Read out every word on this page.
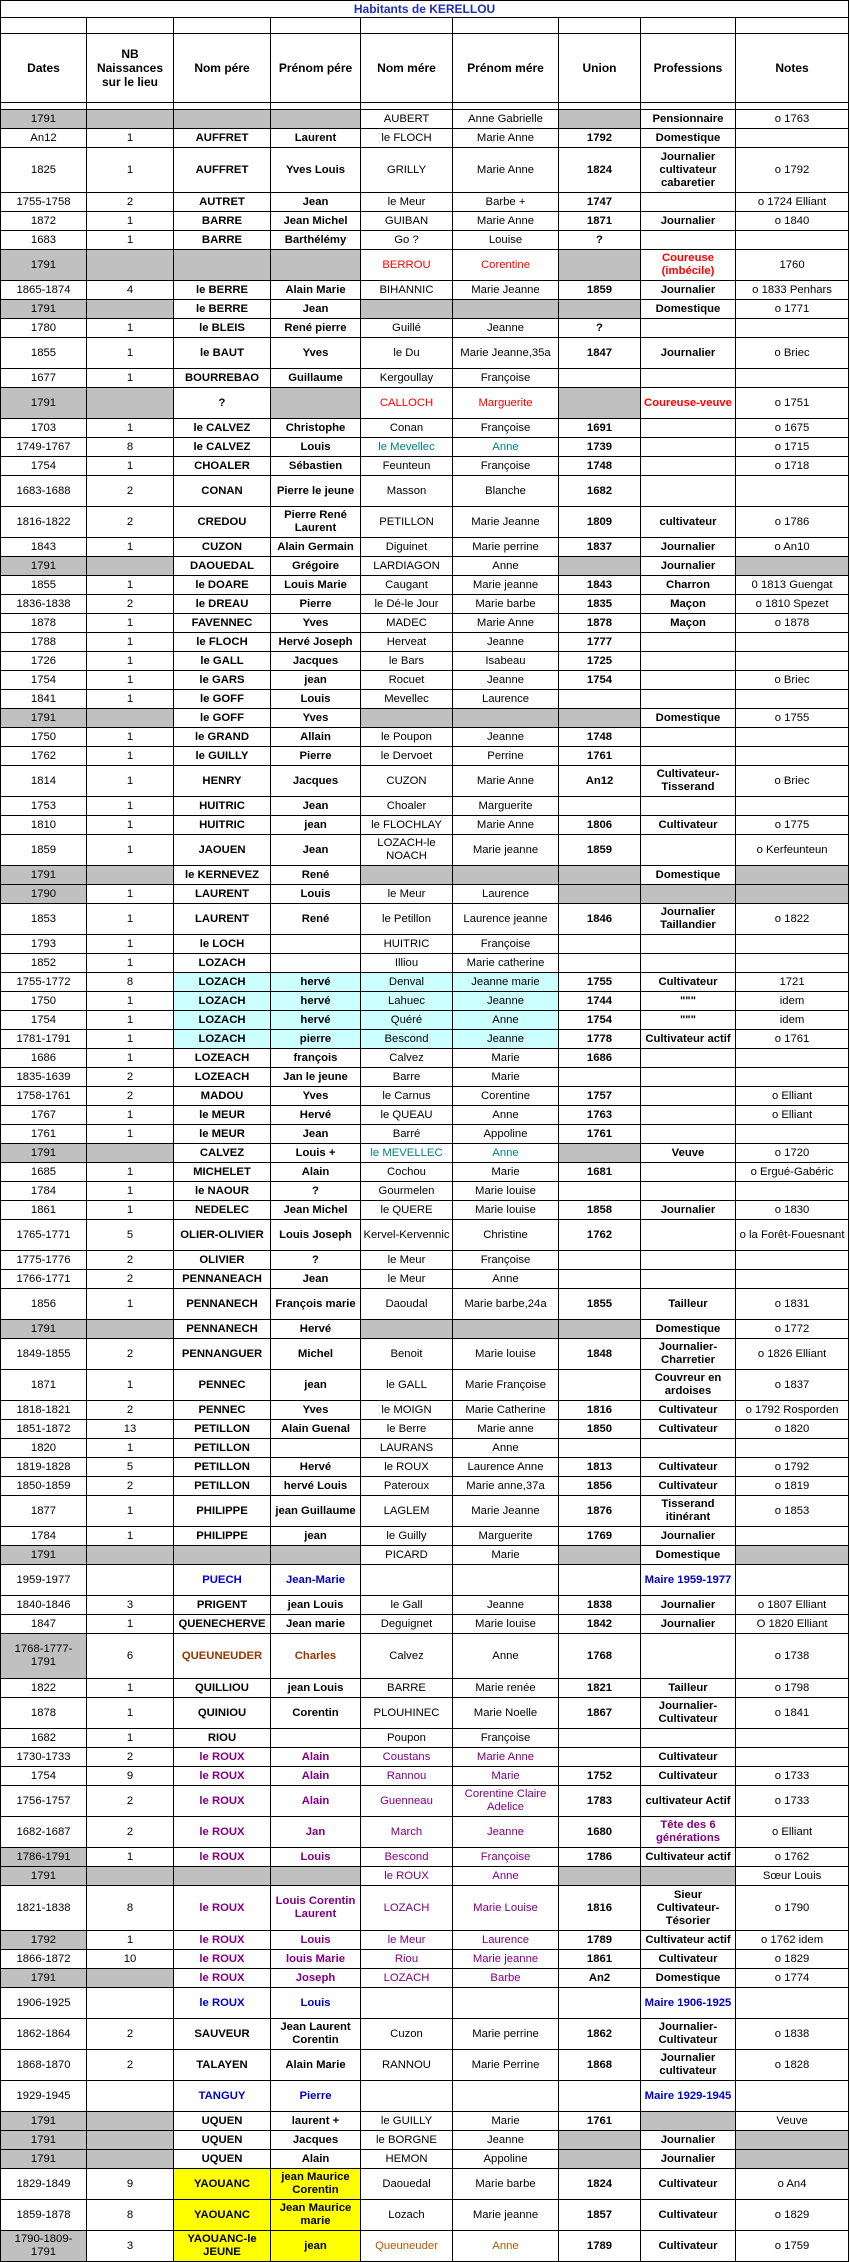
Habitants de KERELLOU								

Dates	NB Naissances sur le lieu	Nom pére	Prénom pére	Nom mére	Prénom mére	Union	Professions	Notes

1791				AUBERT	Anne Gabrielle		Pensionnaire	o 1763
An12	1	AUFFRET	Laurent	le FLOCH	Marie Anne	1792	Domestique	
1825	1	AUFFRET	Yves Louis	GRILLY	Marie Anne	1824	Journalier cultivateur cabaretier	o 1792
1755-1758	2	AUTRET	Jean	le Meur	Barbe +	1747		o 1724 Elliant
1872	1	BARRE	Jean Michel	GUIBAN	Marie Anne	1871	Journalier	o 1840
1683	1	BARRE	Barthélémy	Go ?	Louise	?		
1791				BERROU	Corentine		Coureuse (imbécile)	1760
1865-1874	4	le BERRE	Alain Marie	BIHANNIC	Marie Jeanne	1859	Journalier	o 1833 Penhars
1791		le BERRE	Jean				Domestique	o 1771
1780	1	le BLEIS	René pierre	Guillé	Jeanne	?		
1855	1	le BAUT	Yves	le Du	Marie Jeanne,35a	1847	Journalier	o Briec
1677	1	BOURREBAO	Guillaume	Kergoullay	Françoise			
1791		?		CALLOCH	Marguerite		Coureuse-veuve	o 1751
1703	1	le CALVEZ	Christophe	Conan	Françoise	1691		o 1675
1749-1767	8	le CALVEZ	Louis	le Mevellec	Anne	1739		o 1715
1754	1	CHOALER	Sébastien	Feunteun	Françoise	1748		o 1718
1683-1688	2	CONAN	Pierre le jeune	Masson	Blanche	1682		
1816-1822	2	CREDOU	Pierre René Laurent	PETILLON	Marie Jeanne	1809	cultivateur	o 1786
1843	1	CUZON	Alain Germain	Diguinet	Marie perrine	1837	Journalier	o An10
1791		DAOUEDAL	Grégoire	LARDIAGON	Anne		Journalier	
1855	1	le DOARE	Louis Marie	Caugant	Marie jeanne	1843	Charron	0 1813 Guengat
1836-1838	2	le DREAU	Pierre	le Dé-le Jour	Marie barbe	1835	Maçon	o 1810 Spezet
1878	1	FAVENNEC	Yves	MADEC	Marie Anne	1878	Maçon	o 1878
1788	1	le FLOCH	Hervé Joseph	Herveat	Jeanne	1777		
1726	1	le GALL	Jacques	le Bars	Isabeau	1725		
1754	1	le GARS	jean	Rocuet	Jeanne	1754		o Briec
1841	1	le GOFF	Louis	Mevellec	Laurence			
1791		le GOFF	Yves				Domestique	o 1755
1750	1	le GRAND	Allain	le Poupon	Jeanne	1748		
1762	1	le GUILLY	Pierre	le Dervoet	Perrine	1761		
1814	1	HENRY	Jacques	CUZON	Marie Anne	An12	Cultivateur-Tisserand	o Briec
1753	1	HUITRIC	Jean	Choaler	Marguerite			
1810	1	HUITRIC	jean	le FLOCHLAY	Marie Anne	1806	Cultivateur	o 1775
1859	1	JAOUEN	Jean	LOZACH-le NOACH	Marie jeanne	1859		o Kerfeunteun
1791		le KERNEVEZ	René				Domestique	
1790	1	LAURENT	Louis	le Meur	Laurence			
1853	1	LAURENT	René	le Petillon	Laurence jeanne	1846	Journalier Taillandier	o 1822
1793	1	le LOCH		HUITRIC	Françoise			
1852	1	LOZACH		Illiou	Marie catherine			
1755-1772	8	LOZACH	hervé	Denval	Jeanne marie	1755	Cultivateur	1721
1750	1	LOZACH	hervé	Lahuec	Jeanne	1744	"""	idem
1754	1	LOZACH	hervé	Quéré	Anne	1754	"""	idem
1781-1791	1	LOZACH	pierre	Bescond	Jeanne	1778	Cultivateur actif	o 1761
1686	1	LOZEACH	françois	Calvez	Marie	1686		
1835-1639	2	LOZEACH	Jan le jeune	Barre	Marie			
1758-1761	2	MADOU	Yves	le Carnus	Corentine	1757		o Elliant
1767	1	le MEUR	Hervé	le QUEAU	Anne	1763		o Elliant
1761	1	le MEUR	Jean	Barré	Appoline	1761		
1791		CALVEZ	Louis +	le MEVELLEC	Anne		Veuve	o 1720
1685	1	MICHELET	Alain	Cochou	Marie	1681		o Ergué-Gabéric
1784	1	le NAOUR	?	Gourmelen	Marie louise			
1861	1	NEDELEC	Jean Michel	le QUERE	Marie louise	1858	Journalier	o 1830
1765-1771	5	OLIER-OLIVIER	Louis Joseph	Kervel-Kervennic	Christine	1762		o la Forêt-Fouesnant
1775-1776	2	OLIVIER	?	le Meur	Françoise			
1766-1771	2	PENNANEACH	Jean	le Meur	Anne			
1856	1	PENNANECH	François marie	Daoudal	Marie barbe,24a	1855	Tailleur	o 1831
1791		PENNANECH	Hervé				Domestique	o 1772
1849-1855	2	PENNANGUER	Michel	Benoit	Marie louise	1848	Journalier-Charretier	o 1826 Elliant
1871	1	PENNEC	jean	le GALL	Marie Françoise		Couvreur en ardoises	o 1837
1818-1821	2	PENNEC	Yves	le MOIGN	Marie Catherine	1816	Cultivateur	o 1792 Rosporden
1851-1872	13	PETILLON	Alain Guenal	le Berre	Marie anne	1850	Cultivateur	o 1820
1820	1	PETILLON		LAURANS	Anne			
1819-1828	5	PETILLON	Hervé	le ROUX	Laurence Anne	1813	Cultivateur	o 1792
1850-1859	2	PETILLON	hervé Louis	Pateroux	Marie anne,37a	1856	Cultivateur	o 1819
1877	1	PHILIPPE	jean Guillaume	LAGLEM	Marie Jeanne	1876	Tisserand itinérant	o 1853
1784	1	PHILIPPE	jean	le Guilly	Marguerite	1769	Journalier	
1791				PICARD	Marie		Domestique	
1959-1977		PUECH	Jean-Marie				Maire 1959-1977	
1840-1846	3	PRIGENT	jean Louis	le Gall	Jeanne	1838	Journalier	o 1807 Elliant
1847	1	QUENECHERVE	Jean marie	Deguignet	Marie louise	1842	Journalier	O 1820 Elliant
1768-1777-1791	6	QUEUNEUDER	Charles	Calvez	Anne	1768		o 1738
1822	1	QUILLIOU	jean Louis	BARRE	Marie renée	1821	Tailleur	o 1798
1878	1	QUINIOU	Corentin	PLOUHINEC	Marie Noelle	1867	Journalier-Cultivateur	o 1841
1682	1	RIOU		Poupon	Françoise			
1730-1733	2	le ROUX	Alain	Coustans	Marie Anne		Cultivateur	
1754	9	le ROUX	Alain	Rannou	Marie	1752	Cultivateur	o 1733
1756-1757	2	le ROUX	Alain	Guenneau	Corentine Claire Adelice	1783	cultivateur Actif	o 1733
1682-1687	2	le ROUX	Jan	March	Jeanne	1680	Tête des 6 générations	o Elliant
1786-1791	1	le ROUX	Louis	Bescond	Françoise	1786	Cultivateur actif	o 1762
1791				le ROUX	Anne			Sœur Louis
1821-1838	8	le ROUX	Louis Corentin Laurent	LOZACH	Marie Louise	1816	Sieur Cultivateur-Tésorier	o 1790
1792	1	le ROUX	Louis	le Meur	Laurence	1789	Cultivateur actif	o 1762 idem
1866-1872	10	le ROUX	louis Marie	Riou	Marie jeanne	1861	Cultivateur	o 1829
1791		le ROUX	Joseph	LOZACH	Barbe	An2	Domestique	o 1774
1906-1925		le ROUX	Louis				Maire 1906-1925	
1862-1864	2	SAUVEUR	Jean Laurent Corentin	Cuzon	Marie perrine	1862	Journalier-Cultivateur	o 1838
1868-1870	2	TALAYEN	Alain Marie	RANNOU	Marie Perrine	1868	Journalier cultivateur	o 1828
1929-1945		TANGUY	Pierre				Maire 1929-1945	
1791		UQUEN	laurent +	le GUILLY	Marie	1761		Veuve
1791		UQUEN	Jacques	le BORGNE	Jeanne		Journalier	
1791		UQUEN	Alain	HEMON	Appoline		Journalier	
1829-1849	9	YAOUANC	jean Maurice Corentin	Daouedal	Marie barbe	1824	Cultivateur	o An4
1859-1878	8	YAOUANC	Jean Maurice marie	Lozach	Marie jeanne	1857	Cultivateur	o 1829
1790-1809-1791	3	YAOUANC-le JEUNE	jean	Queuneuder	Anne	1789	Cultivateur	o 1759
